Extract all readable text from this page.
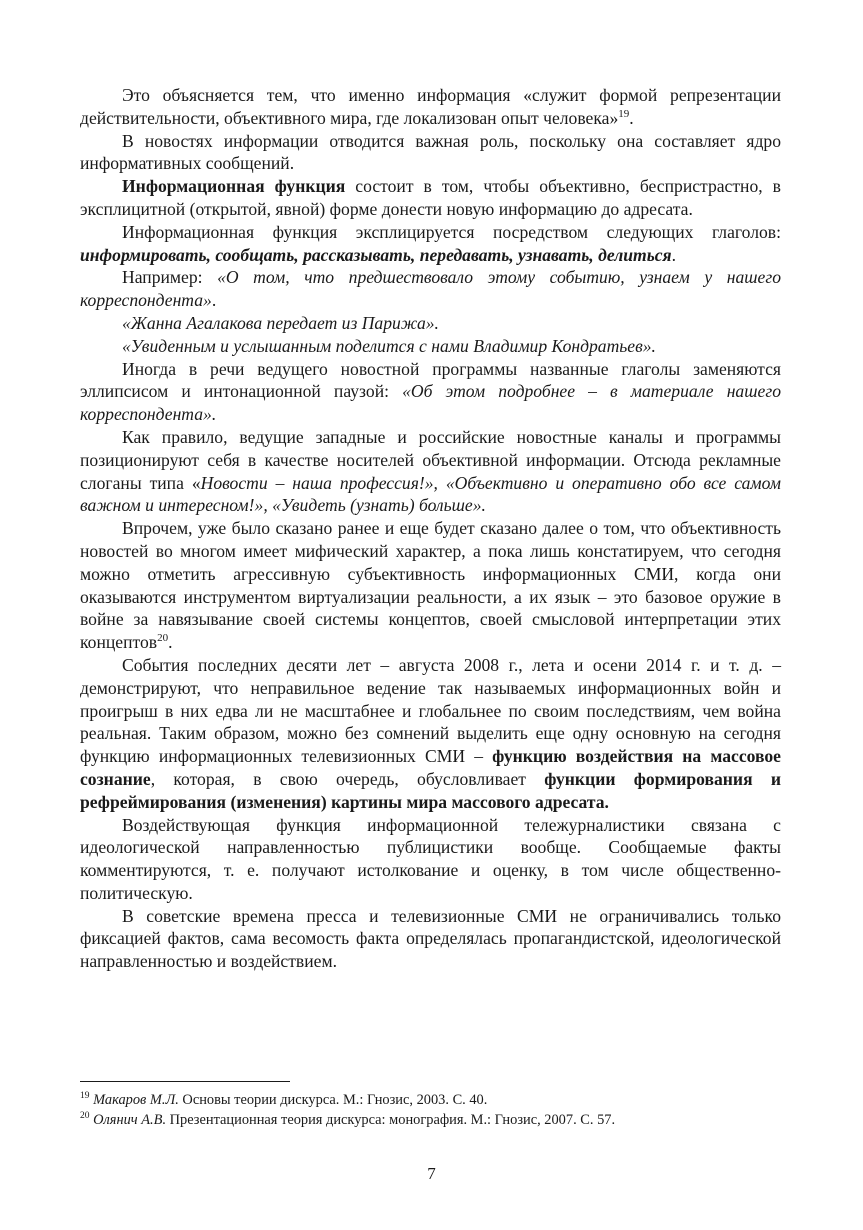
Это объясняется тем, что именно информация «служит формой репрезентации действительности, объективного мира, где локализован опыт человека»$^{19}$.

В новостях информации отводится важная роль, поскольку она составляет ядро информативных сообщений.

Информационная функция состоит в том, чтобы объективно, беспристрастно, в эксплицитной (открытой, явной) форме донести новую информацию до адресата.

Информационная функция эксплицируется посредством следующих глаголов: информировать, сообщать, рассказывать, передавать, узнавать, делиться.

Например: «О том, что предшествовало этому событию, узнаем у нашего корреспондента».

«Жанна Агалакова передает из Парижа».

«Увиденным и услышанным поделится с нами Владимир Кондратьев».

Иногда в речи ведущего новостной программы названные глаголы заменяются эллипсисом и интонационной паузой: «Об этом подробнее – в материале нашего корреспондента».

Как правило, ведущие западные и российские новостные каналы и программы позиционируют себя в качестве носителей объективной информации. Отсюда рекламные слоганы типа «Новости – наша профессия!», «Объективно и оперативно обо все самом важном и интересном!», «Увидеть (узнать) больше».

Впрочем, уже было сказано ранее и еще будет сказано далее о том, что объективность новостей во многом имеет мифический характер, а пока лишь констатируем, что сегодня можно отметить агрессивную субъективность информационных СМИ, когда они оказываются инструментом виртуализации реальности, а их язык – это базовое оружие в войне за навязывание своей системы концептов, своей смысловой интерпретации этих концептов$^{20}$.

События последних десяти лет – августа 2008 г., лета и осени 2014 г. и т. д. – демонстрируют, что неправильное ведение так называемых информационных войн и проигрыш в них едва ли не масштабнее и глобальнее по своим последствиям, чем война реальная. Таким образом, можно без сомнений выделить еще одну основную на сегодня функцию информационных телевизионных СМИ – функцию воздействия на массовое сознание, которая, в свою очередь, обусловливает функции формирования и рефреймирования (изменения) картины мира массового адресата.

Воздействующая функция информационной тележурналистики связана с идеологической направленностью публицистики вообще. Сообщаемые факты комментируются, т. е. получают истолкование и оценку, в том числе общественно-политическую.

В советские времена пресса и телевизионные СМИ не ограничивались только фиксацией фактов, сама весомость факта определялась пропагандистской, идеологической направленностью и воздействием.

$^{19}$ Макаров М.Л. Основы теории дискурса. М.: Гнозис, 2003. С. 40.

$^{20}$ Олянич А.В. Презентационная теория дискурса: монография. М.: Гнозис, 2007. С. 57.

7
